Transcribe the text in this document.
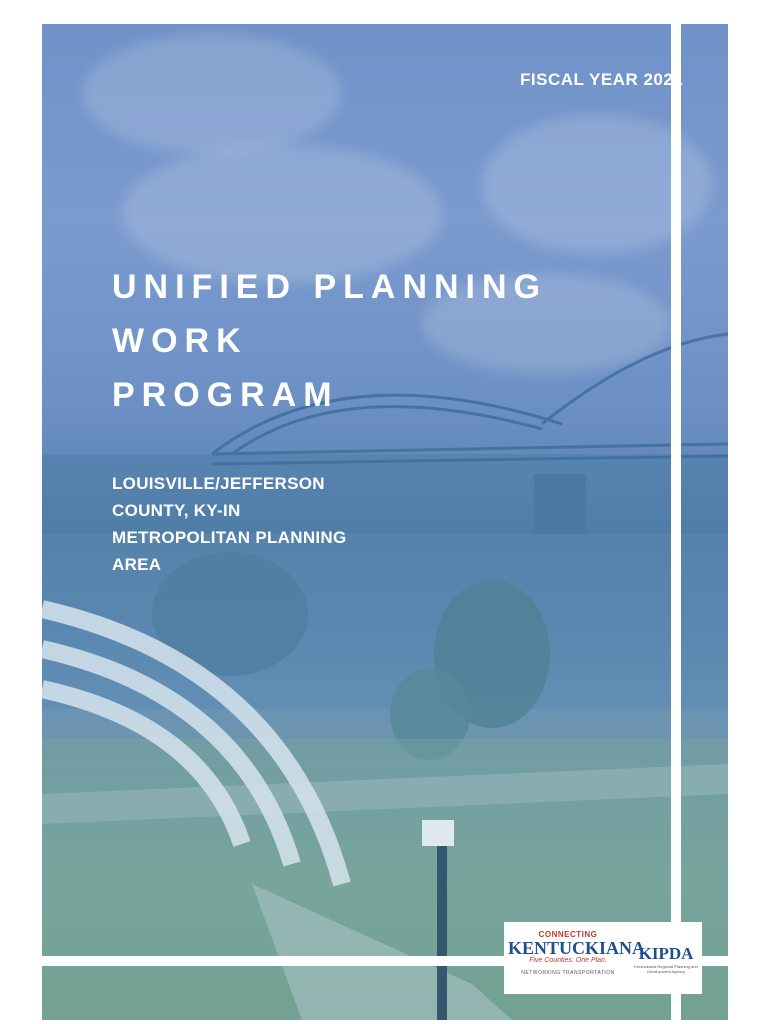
FISCAL YEAR 2021
UNIFIED PLANNING
WORK
PROGRAM
LOUISVILLE/JEFFERSON
COUNTY, KY-IN
METROPOLITAN PLANNING
AREA
CONNECTING
KENTUCKIANA
Five Counties. One Plan.
NETWORKING TRANSPORTATION
KIPDA
Kentuckiana Regional Planning and Development Agency
